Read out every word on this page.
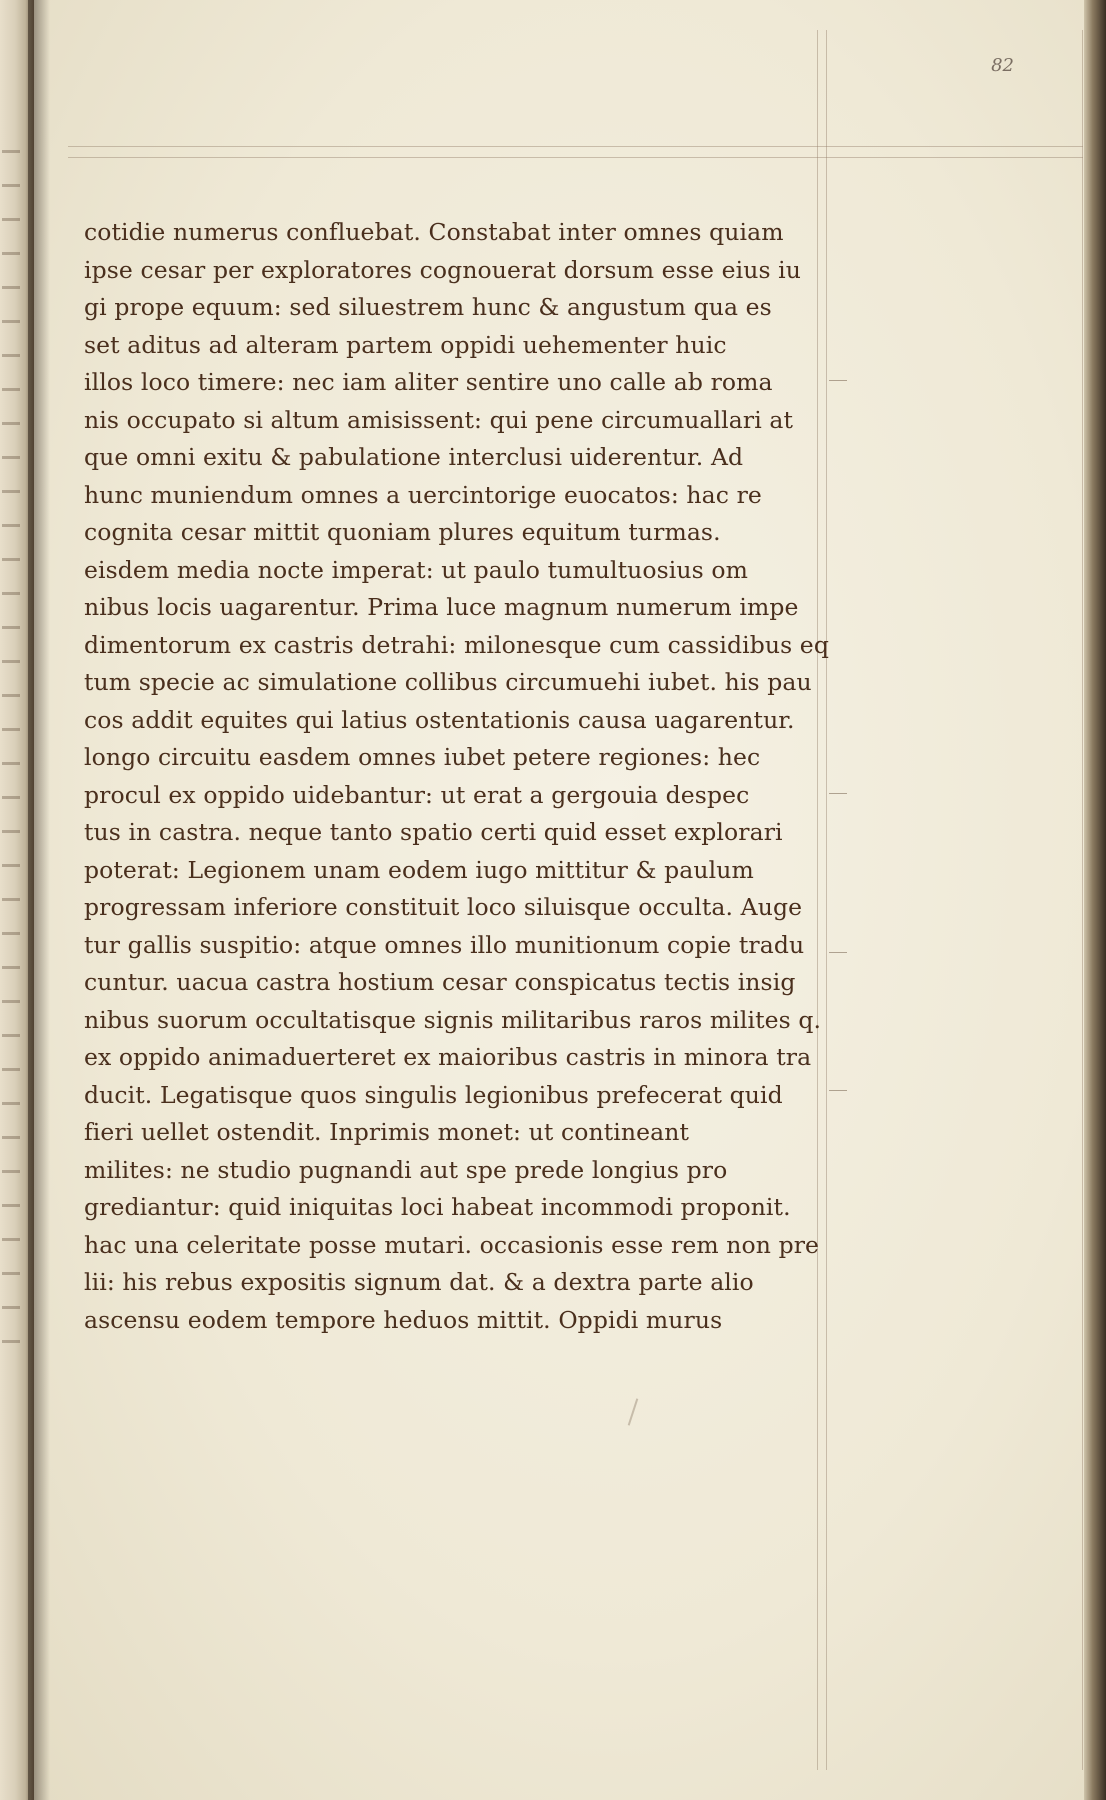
82
cotidie numerus confluebat. Constabat inter omnes quiam
ipse cesar per exploratores cognouerat dorsum esse eius iu
gi prope equum: sed siluestrem hunc & angustum qua es
set aditus ad alteram partem oppidi uehementer huic
illos loco timere: nec iam aliter sentire uno calle ab roma
nis occupato si altum amisissent: qui pene circumuallari at
que omni exitu & pabulatione interclusi uiderentur. Ad
hunc muniendum omnes a uercintorige euocatos: hac re
cognita cesar mittit quoniam plures equitum turmas.
eisdem media nocte imperat: ut paulo tumultuosius om
nibus locis uagarentur. Prima luce magnum numerum impe
dimentorum ex castris detrahi: milonesque cum cassidibus eq
tum specie ac simulatione collibus circumuehi iubet. his pau
cos addit equites qui latius ostentationis causa uagarentur.
longo circuitu easdem omnes iubet petere regiones: hec
procul ex oppido uidebantur: ut erat a gergouia despec
tus in castra. neque tanto spatio certi quid esset explorari
poterat: Legionem unam eodem iugo mittitur & paulum
progressam inferiore constituit loco siluisque occulta. Auge
tur gallis suspitio: atque omnes illo munitionum copie tradu
cuntur. uacua castra hostium cesar conspicatus tectis insig
nibus suorum occultatisque signis militaribus raros milites q.
ex oppido animaduerteret ex maioribus castris in minora tra
ducit. Legatisque quos singulis legionibus prefecerat quid
fieri uellet ostendit. Inprimis monet: ut contineant
milites: ne studio pugnandi aut spe prede longius pro
grediantur: quid iniquitas loci habeat incommodi proponit.
hac una celeritate posse mutari. occasionis esse rem non pre
lii: his rebus expositis signum dat. & a dextra parte alio
ascensu eodem tempore heduos mittit. Oppidi murus
